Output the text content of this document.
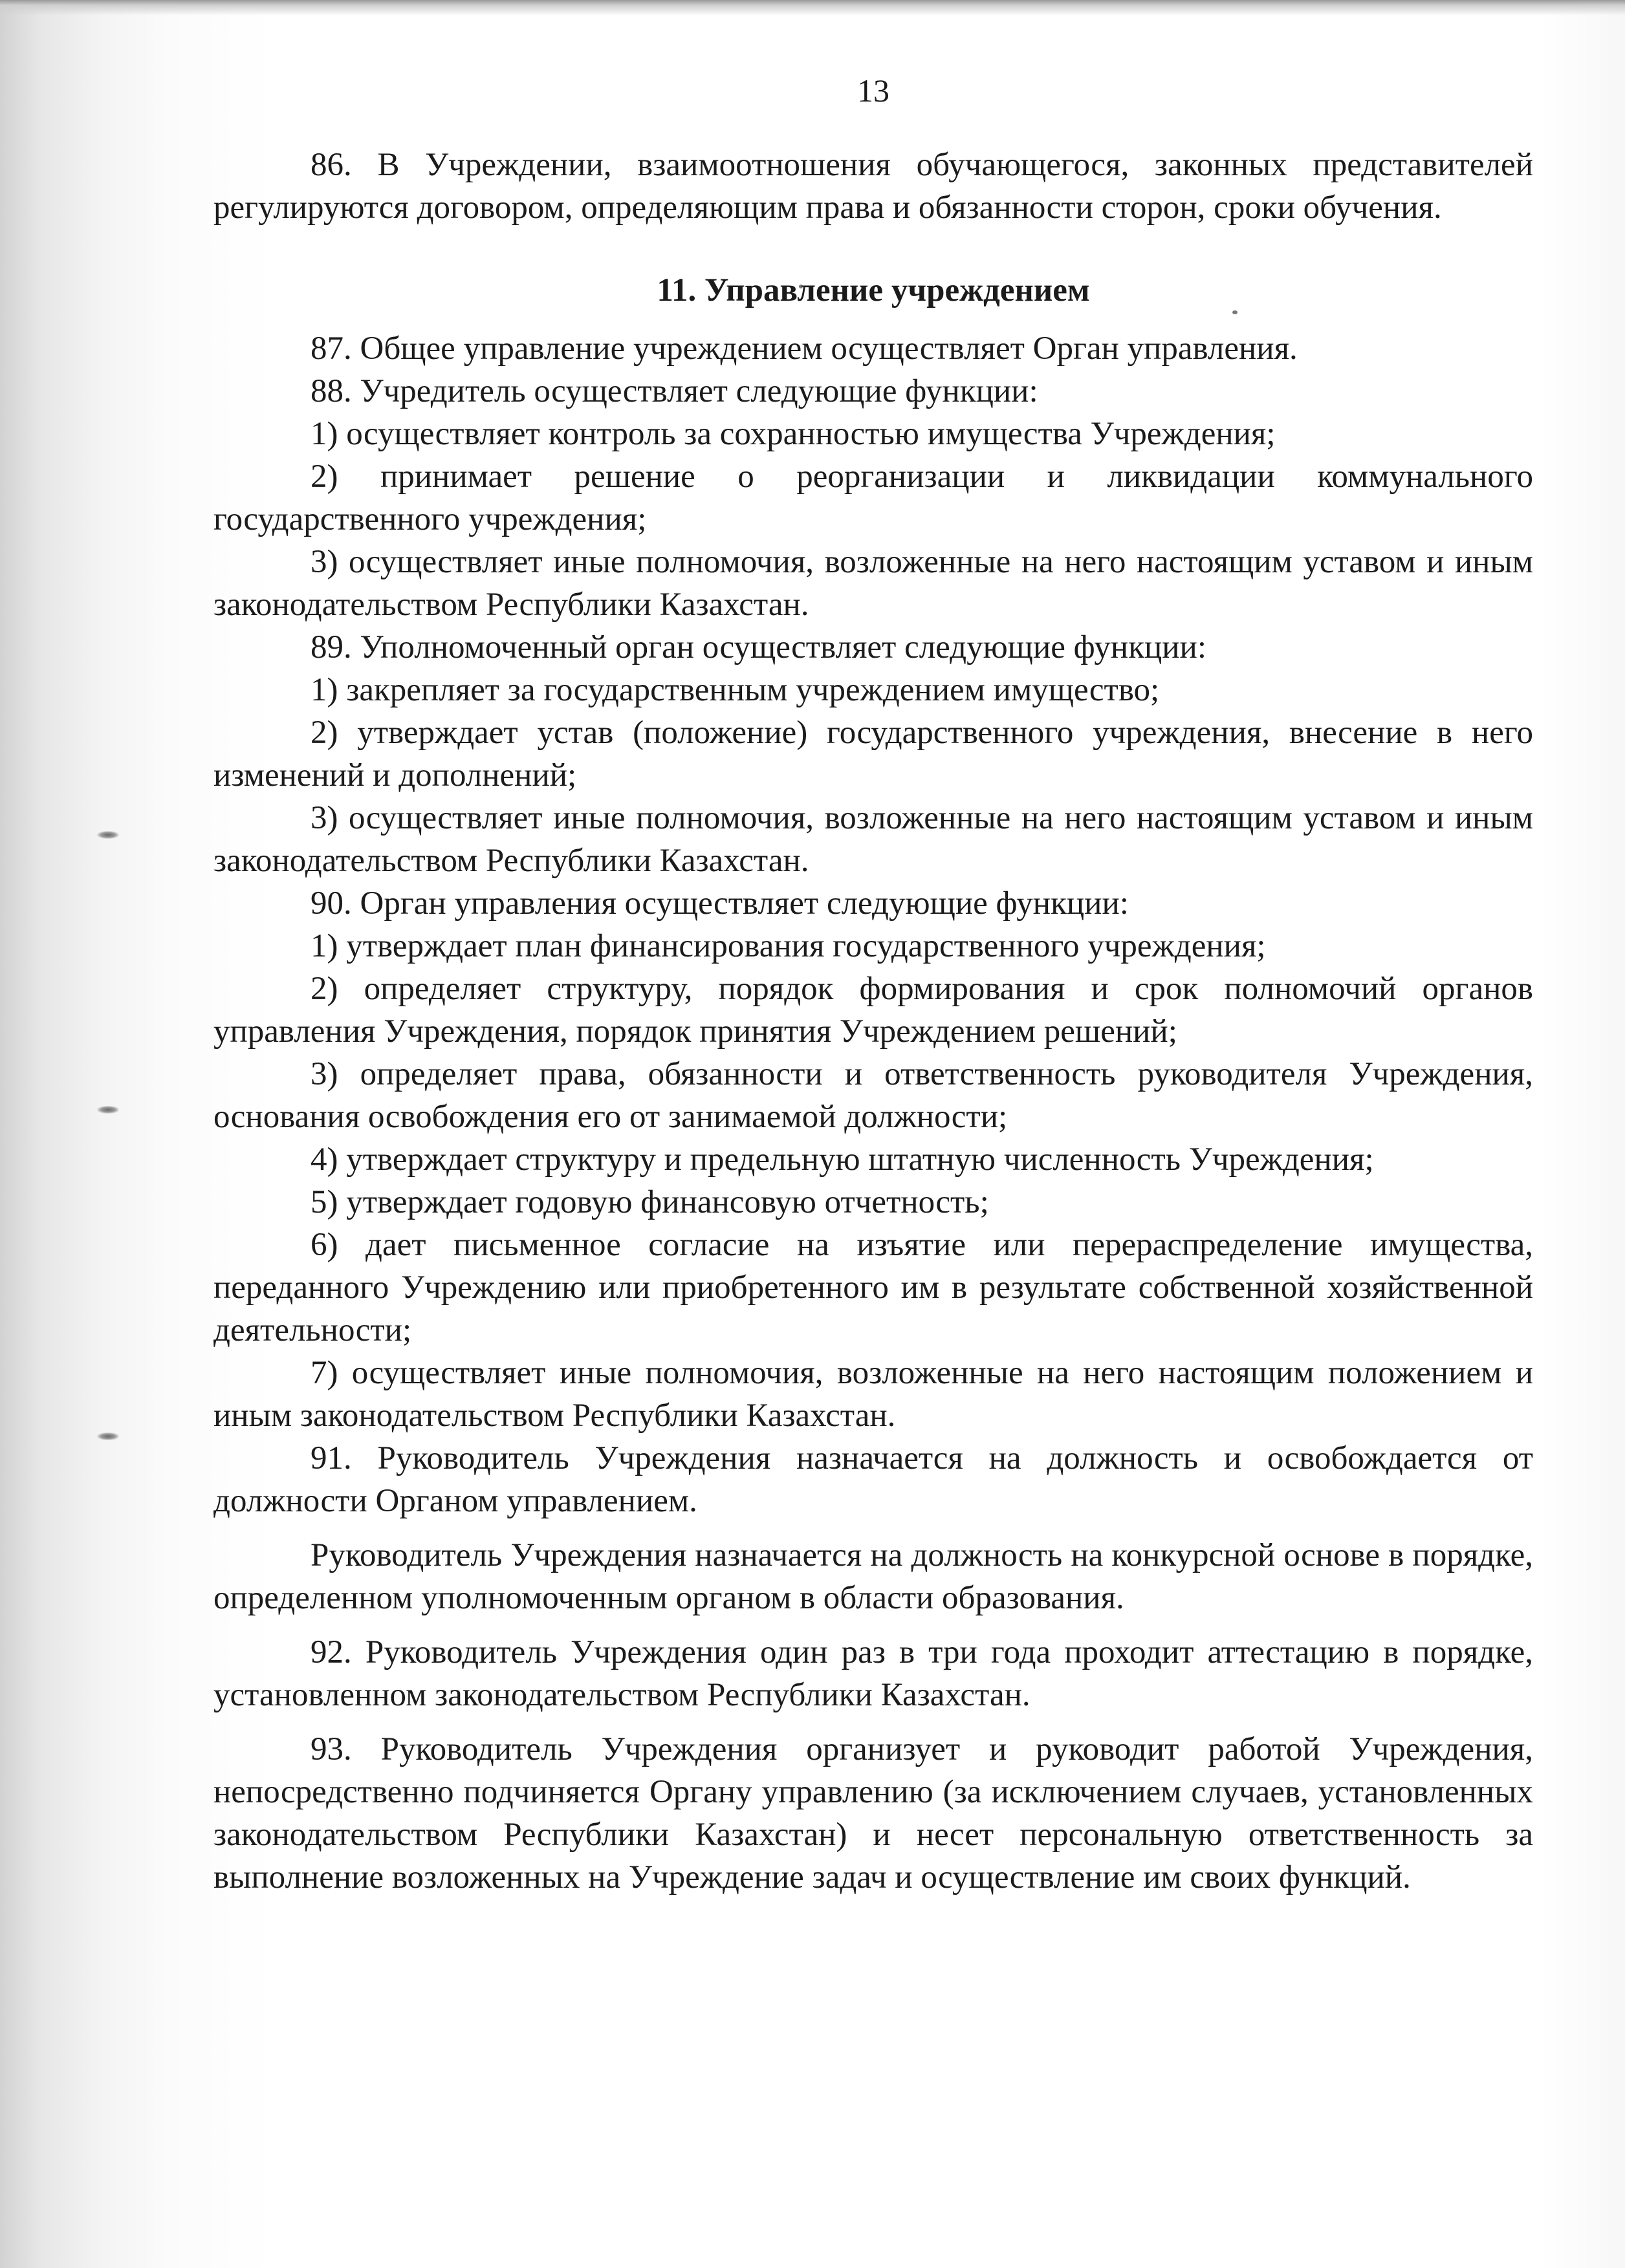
13

86. В Учреждении, взаимоотношения обучающегося, законных представителей регулируются договором, определяющим права и обязанности сторон, сроки обучения.

11. Управление учреждением

87. Общее управление учреждением осуществляет Орган управления.

88. Учредитель осуществляет следующие функции:

1) осуществляет контроль за сохранностью имущества Учреждения;

2) принимает решение о реорганизации и ликвидации коммунального государственного учреждения;

3) осуществляет иные полномочия, возложенные на него настоящим уставом и иным законодательством Республики Казахстан.

89. Уполномоченный орган осуществляет следующие функции:

1) закрепляет за государственным учреждением имущество;

2) утверждает устав (положение) государственного учреждения, внесение в него изменений и дополнений;

3) осуществляет иные полномочия, возложенные на него настоящим уставом и иным законодательством Республики Казахстан.

90. Орган управления осуществляет следующие функции:

1) утверждает план финансирования государственного учреждения;

2) определяет структуру, порядок формирования и срок полномочий органов управления Учреждения, порядок принятия Учреждением решений;

3) определяет права, обязанности и ответственность руководителя Учреждения, основания освобождения его от занимаемой должности;

4) утверждает структуру и предельную штатную численность Учреждения;

5) утверждает годовую финансовую отчетность;

6) дает письменное согласие на изъятие или перераспределение имущества, переданного Учреждению или приобретенного им в результате собственной хозяйственной деятельности;

7) осуществляет иные полномочия, возложенные на него настоящим положением и иным законодательством Республики Казахстан.

91. Руководитель Учреждения назначается на должность и освобождается от должности Органом управлением.

Руководитель Учреждения назначается на должность на конкурсной основе в порядке, определенном уполномоченным органом в области образования.

92. Руководитель Учреждения один раз в три года проходит аттестацию в порядке, установленном законодательством Республики Казахстан.

93. Руководитель Учреждения организует и руководит работой Учреждения, непосредственно подчиняется Органу управлению (за исключением случаев, установленных законодательством Республики Казахстан) и несет персональную ответственность за выполнение возложенных на Учреждение задач и осуществление им своих функций.
